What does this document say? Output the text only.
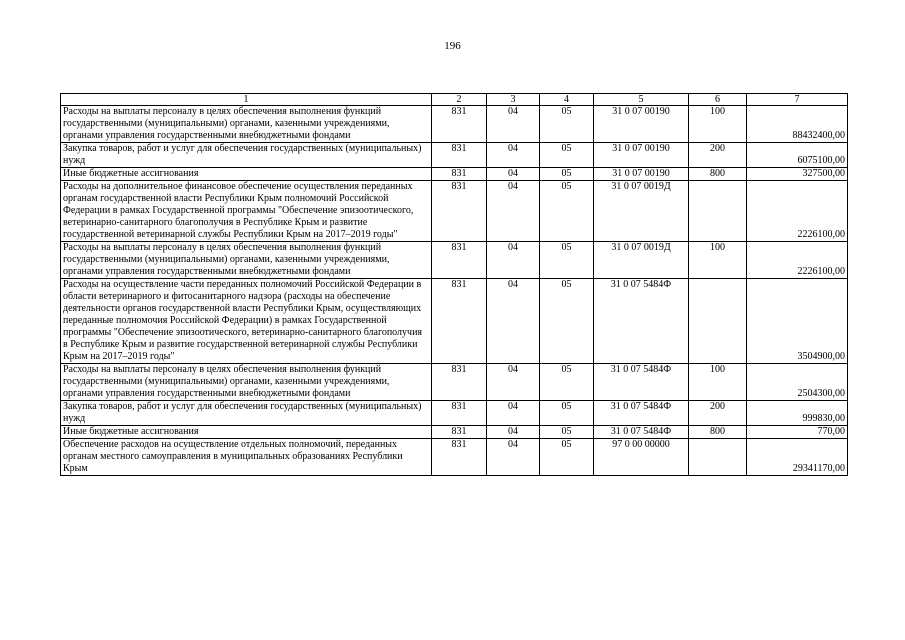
196
1	2	3	4	5	6	7
Расходы на выплаты персоналу в целях обеспечения выполнения функций государственными (муниципальными) органами, казенными учреждениями, органами управления государственными внебюджетными фондами	831	04	05	31 0 07 00190	100	88432400,00
Закупка товаров, работ и услуг для обеспечения государственных (муниципальных) нужд	831	04	05	31 0 07 00190	200	6075100,00
Иные бюджетные ассигнования	831	04	05	31 0 07 00190	800	327500,00
Расходы на дополнительное финансовое обеспечение осуществления переданных органам государственной власти Республики Крым полномочий Российской Федерации в рамках Государственной программы "Обеспечение эпизоотического, ветеринарно-санитарного благополучия в Республике Крым и развитие государственной ветеринарной службы Республики Крым на 2017–2019 годы"	831	04	05	31 0 07 0019Д		2226100,00
Расходы на выплаты персоналу в целях обеспечения выполнения функций государственными (муниципальными) органами, казенными учреждениями, органами управления государственными внебюджетными фондами	831	04	05	31 0 07 0019Д	100	2226100,00
Расходы на осуществление части переданных полномочий Российской Федерации в области ветеринарного и фитосанитарного надзора (расходы на обеспечение деятельности органов государственной власти Республики Крым, осуществляющих переданные полномочия Российской Федерации) в рамках Государственной программы "Обеспечение эпизоотического, ветеринарно-санитарного благополучия в Республике Крым и развитие государственной ветеринарной службы Республики Крым на 2017–2019 годы"	831	04	05	31 0 07 5484Ф		3504900,00
Расходы на выплаты персоналу в целях обеспечения выполнения функций государственными (муниципальными) органами, казенными учреждениями, органами управления государственными внебюджетными фондами	831	04	05	31 0 07 5484Ф	100	2504300,00
Закупка товаров, работ и услуг для обеспечения государственных (муниципальных) нужд	831	04	05	31 0 07 5484Ф	200	999830,00
Иные бюджетные ассигнования	831	04	05	31 0 07 5484Ф	800	770,00
Обеспечение расходов на осуществление отдельных полномочий, переданных органам местного самоуправления в муниципальных образованиях Республики Крым	831	04	05	97 0 00 00000		29341170,00
